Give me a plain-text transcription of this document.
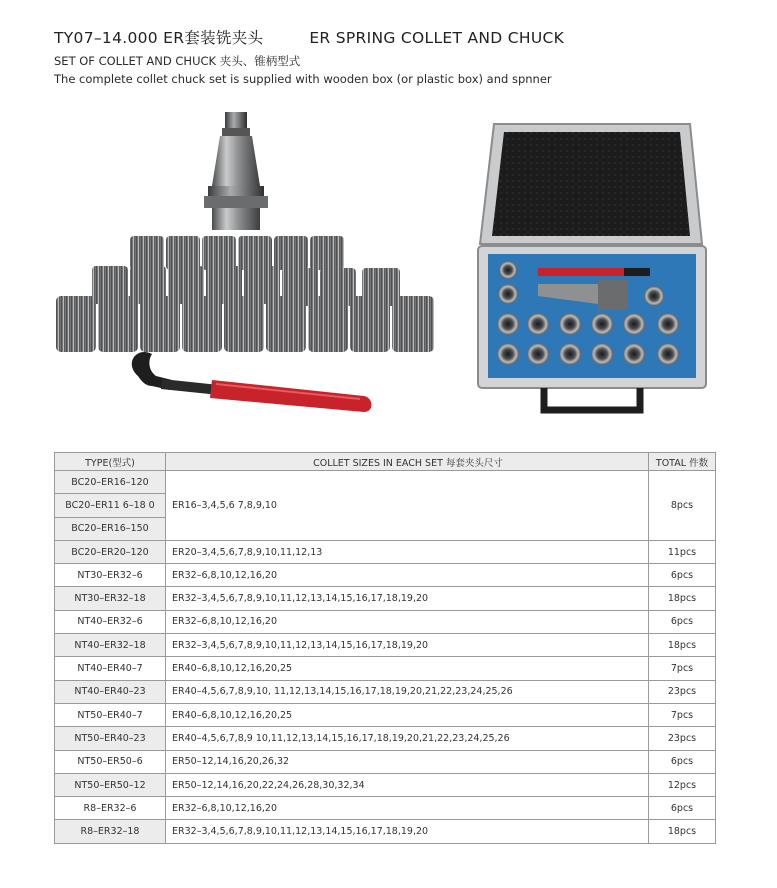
TY07–14.000 ER套装铣夹头	ER SPRING COLLET AND CHUCK
SET OF COLLET AND CHUCK 夹头、锥柄型式
The complete collet chuck set is supplied with wooden box (or plastic box) and spnner
TYPE(型式)	COLLET SIZES IN EACH SET 每套夹头尺寸	TOTAL 件数
BC20–ER16–120	ER16–3,4,5,6 7,8,9,10	8pcs
BC20–ER11 6–18 0		
BC20–ER16–150		
BC20–ER20–120	ER20–3,4,5,6,7,8,9,10,11,12,13	11pcs
NT30–ER32–6	ER32–6,8,10,12,16,20	6pcs
NT30–ER32–18	ER32–3,4,5,6,7,8,9,10,11,12,13,14,15,16,17,18,19,20	18pcs
NT40–ER32–6	ER32–6,8,10,12,16,20	6pcs
NT40–ER32–18	ER32–3,4,5,6,7,8,9,10,11,12,13,14,15,16,17,18,19,20	18pcs
NT40–ER40–7	ER40–6,8,10,12,16,20,25	7pcs
NT40–ER40–23	ER40–4,5,6,7,8,9,10, 11,12,13,14,15,16,17,18,19,20,21,22,23,24,25,26	23pcs
NT50–ER40–7	ER40–6,8,10,12,16,20,25	7pcs
NT50–ER40–23	ER40–4,5,6,7,8,9 10,11,12,13,14,15,16,17,18,19,20,21,22,23,24,25,26	23pcs
NT50–ER50–6	ER50–12,14,16,20,26,32	6pcs
NT50–ER50–12	ER50–12,14,16,20,22,24,26,28,30,32,34	12pcs
R8–ER32–6	ER32–6,8,10,12,16,20	6pcs
R8–ER32–18	ER32–3,4,5,6,7,8,9,10,11,12,13,14,15,16,17,18,19,20	18pcs
